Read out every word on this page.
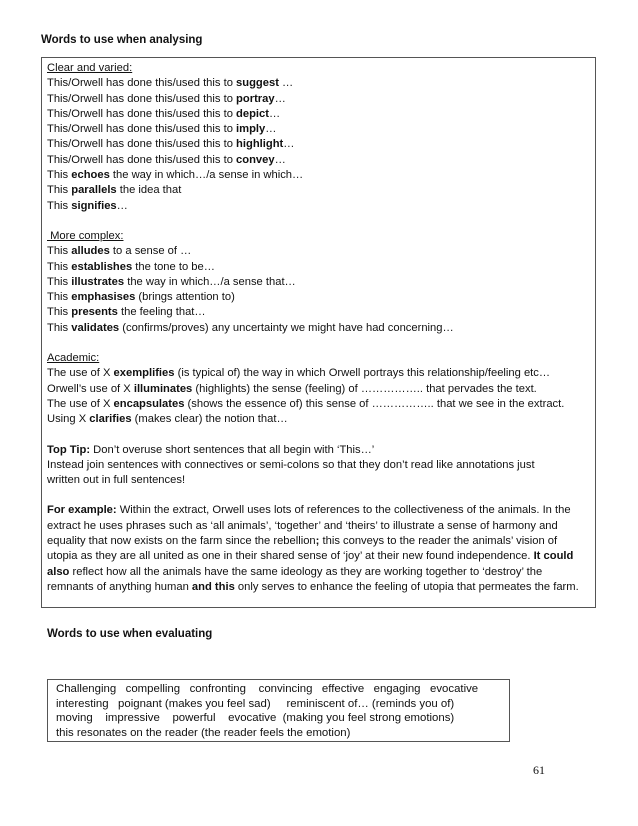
Words to use when analysing
Clear and varied:
This/Orwell has done this/used this to suggest …
This/Orwell has done this/used this to portray…
This/Orwell has done this/used this to depict…
This/Orwell has done this/used this to imply…
This/Orwell has done this/used this to highlight…
This/Orwell has done this/used this to convey…
This echoes the way in which…/a sense in which…
This parallels the idea that
This signifies…
More complex:
This alludes to a sense of …
This establishes the tone to be…
This illustrates the way in which…/a sense that…
This emphasises (brings attention to)
This presents the feeling that…
This validates (confirms/proves) any uncertainty we might have had concerning…
Academic:
The use of X exemplifies (is typical of) the way in which Orwell portrays this relationship/feeling etc…
Orwell’s use of X illuminates (highlights) the sense (feeling) of …………….. that pervades the text.
The use of X encapsulates (shows the essence of) this sense of …………….. that we see in the extract.
Using X clarifies (makes clear) the notion that…
Top Tip: Don’t overuse short sentences that all begin with ‘This…’
Instead join sentences with connectives or semi-colons so that they don’t read like annotations just
written out in full sentences!
For example: Within the extract, Orwell uses lots of references to the collectiveness of the animals. In the extract he uses phrases such as ‘all animals’, ‘together’ and ‘theirs’ to illustrate a sense of harmony and equality that now exists on the farm since the rebellion; this conveys to the reader the animals’ vision of utopia as they are all united as one in their shared sense of ‘joy’ at their new found independence. It could also reflect how all the animals have the same ideology as they are working together to ‘destroy’ the remnants of anything human and this only serves to enhance the feeling of utopia that permeates the farm.
Words to use when evaluating
Challenging   compelling   confronting    convincing   effective   engaging   evocative
interesting   poignant (makes you feel sad)     reminiscent of… (reminds you of)
moving    impressive    powerful    evocative  (making you feel strong emotions)
this resonates on the reader (the reader feels the emotion)
61
